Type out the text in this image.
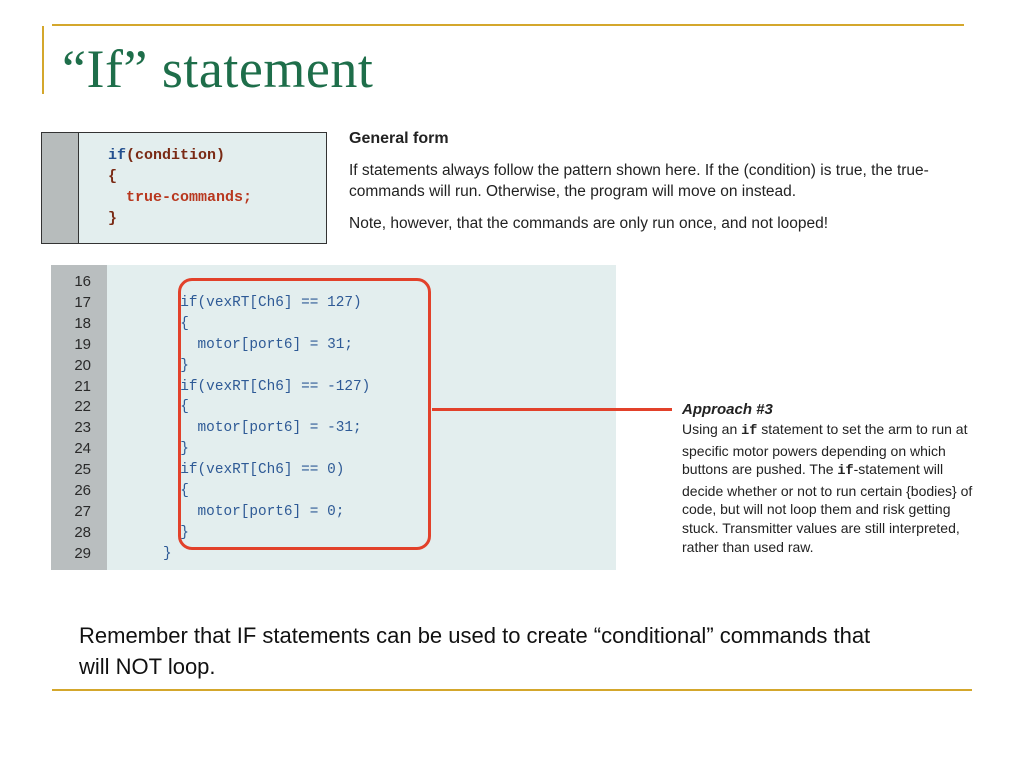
“If” statement
if(condition)
{
true-commands;
}
General form

If statements always follow the pattern shown here. If the (condition) is true, the true-commands will run. Otherwise, the program will move on instead.

Note, however, that the commands are only run once, and not looped!

16
17
18
19
20
21
22
23
24
25
26
27
28
29

if(vexRT[Ch6] == 127)
{
motor[port6] = 31;
}
if(vexRT[Ch6] == -127)
{
motor[port6] = -31;
}
if(vexRT[Ch6] == 0)
{
motor[port6] = 0;
}
}
Approach #3

Using an if statement to set the arm to run at specific motor powers depending on which buttons are pushed. The if-statement will decide whether or not to run certain {bodies} of code, but will not loop them and risk getting stuck. Transmitter values are still interpreted, rather than used raw.

Remember that IF statements can be used to create “conditional” commands that will NOT loop.
